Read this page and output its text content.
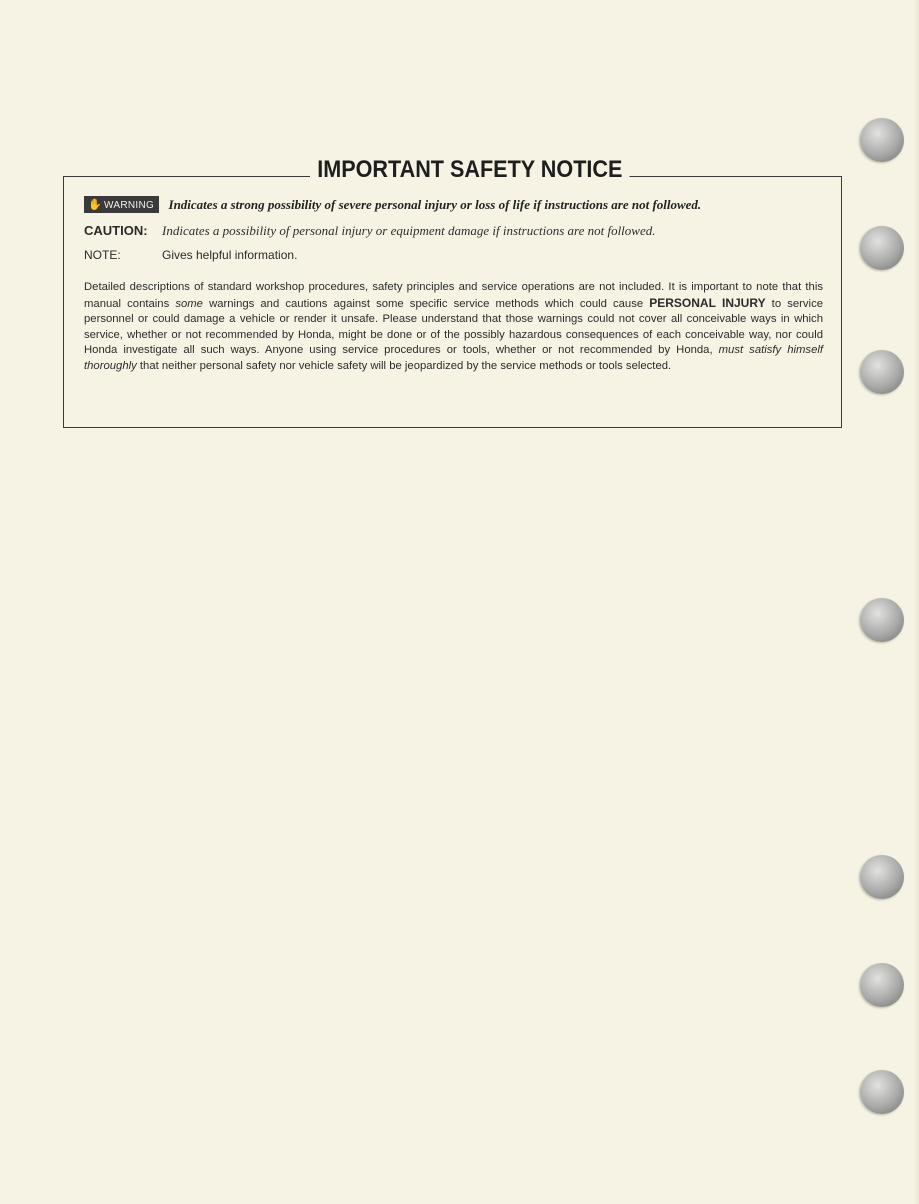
IMPORTANT SAFETY NOTICE
✋ WARNING Indicates a strong possibility of severe personal injury or loss of life if instructions are not followed.
CAUTION: Indicates a possibility of personal injury or equipment damage if instructions are not followed.
NOTE:	Gives helpful information.
Detailed descriptions of standard workshop procedures, safety principles and service operations are not included. It is important to note that this manual contains some warnings and cautions against some specific service methods which could cause PERSONAL INJURY to service personnel or could damage a vehicle or render it unsafe. Please understand that those warnings could not cover all conceivable ways in which service, whether or not recommended by Honda, might be done or of the possibly hazardous consequences of each conceivable way, nor could Honda investigate all such ways. Anyone using service procedures or tools, whether or not recommended by Honda, must satisfy himself thoroughly that neither personal safety nor vehicle safety will be jeopardized by the service methods or tools selected.
